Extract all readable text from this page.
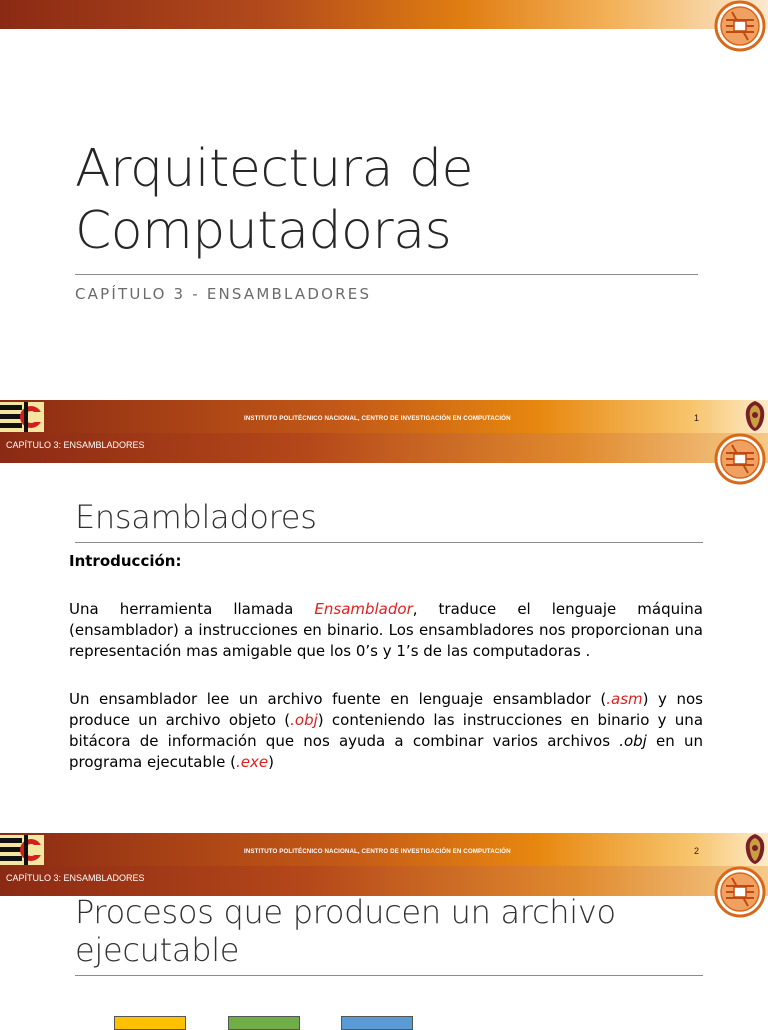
Arquitectura de
Computadoras
CAPÍTULO 3 - ENSAMBLADORES
INSTITUTO POLITÉCNICO NACIONAL, CENTRO DE INVESTIGACIÓN EN COMPUTACIÓN	1
CAPÍTULO 3: ENSAMBLADORES
Ensambladores
Introducción:
Una herramienta llamada Ensamblador, traduce el lenguaje máquina (ensamblador) a instrucciones en binario. Los ensambladores nos proporcionan una representación mas amigable que los 0’s y 1’s de las computadoras .
Un ensamblador lee un archivo fuente en lenguaje ensamblador (.asm) y nos produce un archivo objeto (.obj) conteniendo las instrucciones en binario y una bitácora de información que nos ayuda a combinar varios archivos .obj en un programa ejecutable (.exe)
INSTITUTO POLITÉCNICO NACIONAL, CENTRO DE INVESTIGACIÓN EN COMPUTACIÓN	2
CAPÍTULO 3: ENSAMBLADORES
Procesos que producen un archivo ejecutable
